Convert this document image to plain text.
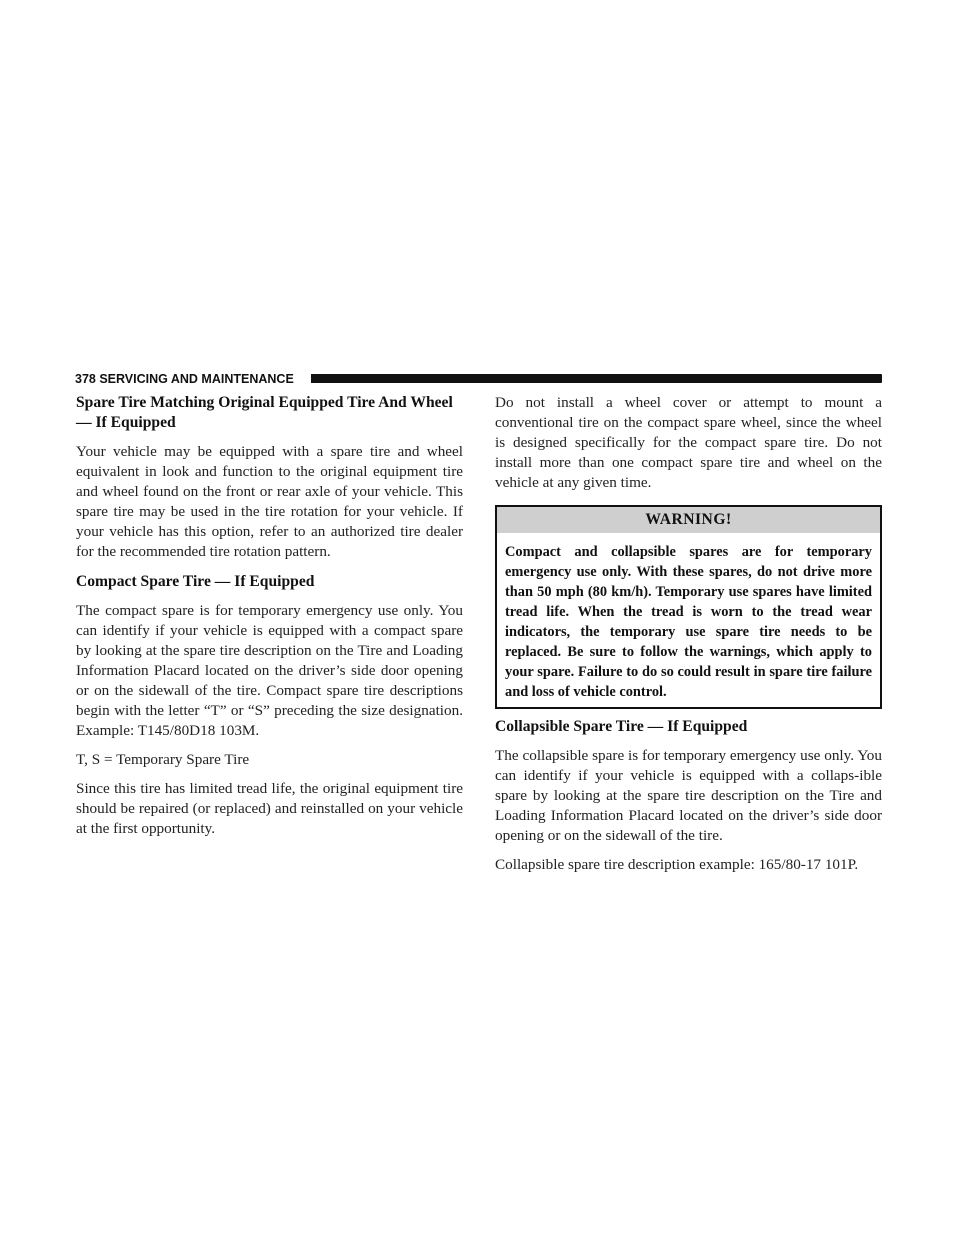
378 SERVICING AND MAINTENANCE
Spare Tire Matching Original Equipped Tire And Wheel — If Equipped
Your vehicle may be equipped with a spare tire and wheel equivalent in look and function to the original equipment tire and wheel found on the front or rear axle of your vehicle. This spare tire may be used in the tire rotation for your vehicle. If your vehicle has this option, refer to an authorized tire dealer for the recommended tire rotation pattern.
Compact Spare Tire — If Equipped
The compact spare is for temporary emergency use only. You can identify if your vehicle is equipped with a compact spare by looking at the spare tire description on the Tire and Loading Information Placard located on the driver’s side door opening or on the sidewall of the tire. Compact spare tire descriptions begin with the letter “T” or “S” preceding the size designation. Example: T145/80D18 103M.
T, S = Temporary Spare Tire
Since this tire has limited tread life, the original equipment tire should be repaired (or replaced) and reinstalled on your vehicle at the first opportunity.
Do not install a wheel cover or attempt to mount a conventional tire on the compact spare wheel, since the wheel is designed specifically for the compact spare tire. Do not install more than one compact spare tire and wheel on the vehicle at any given time.
WARNING!
Compact and collapsible spares are for temporary emergency use only. With these spares, do not drive more than 50 mph (80 km/h). Temporary use spares have limited tread life. When the tread is worn to the tread wear indicators, the temporary use spare tire needs to be replaced. Be sure to follow the warnings, which apply to your spare. Failure to do so could result in spare tire failure and loss of vehicle control.
Collapsible Spare Tire — If Equipped
The collapsible spare is for temporary emergency use only. You can identify if your vehicle is equipped with a collaps-ible spare by looking at the spare tire description on the Tire and Loading Information Placard located on the driver’s side door opening or on the sidewall of the tire.
Collapsible spare tire description example: 165/80-17 101P.
